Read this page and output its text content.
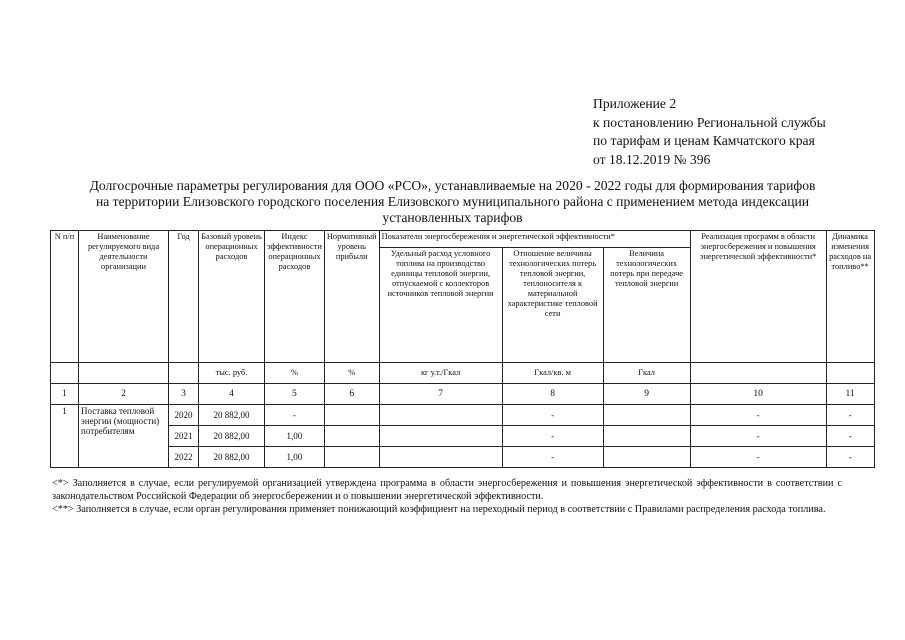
Приложение 2
к постановлению Региональной службы
по тарифам и ценам Камчатского края
от 18.12.2019 № 396
Долгосрочные параметры регулирования для ООО «РСО», устанавливаемые на 2020 - 2022 годы для формирования тарифов
на территории Елизовского городского поселения Елизовского муниципального района с применением метода индексации
установленных тарифов
N п/п	Наименование регулируемого вида деятельности организации	Год	Базовый уровень операционных расходов	Индекс эффективности операционных расходов	Нормативный уровень прибыли	Показатели энергосбережения и энергетической эффективности*			Реализация программ в области энергосбережения и повышения энергетической эффективности*	Динамика изменения расходов на топливо**
						Удельный расход условного топлива на производство единицы тепловой энергии, отпускаемой с коллекторов источников тепловой энергии	Отношение величины технологических потерь тепловой энергии, теплоносителя к материальной характеристике тепловой сети	Величина технологических потерь при передаче тепловой энергии		
			тыс. руб.	%	%	кг у.т./Гкал	Гкал/кв. м	Гкал		
1	2	3	4	5	6	7	8	9	10	11
1	Поставка тепловой энергии (мощности) потребителям	2020	20 882,00	-			-		-	-
		2021	20 882,00	1,00			-		-	-
		2022	20 882,00	1,00			-		-	-

<*> Заполняется в случае, если регулируемой организацией утверждена программа в области энергосбережения и повышения энергетической эффективности в соответствии с законодательством Российской Федерации об энергосбережении и о повышении энергетической эффективности.

<**> Заполняется в случае, если орган регулирования применяет понижающий коэффициент на переходный период в соответствии с Правилами распределения расхода топлива.
